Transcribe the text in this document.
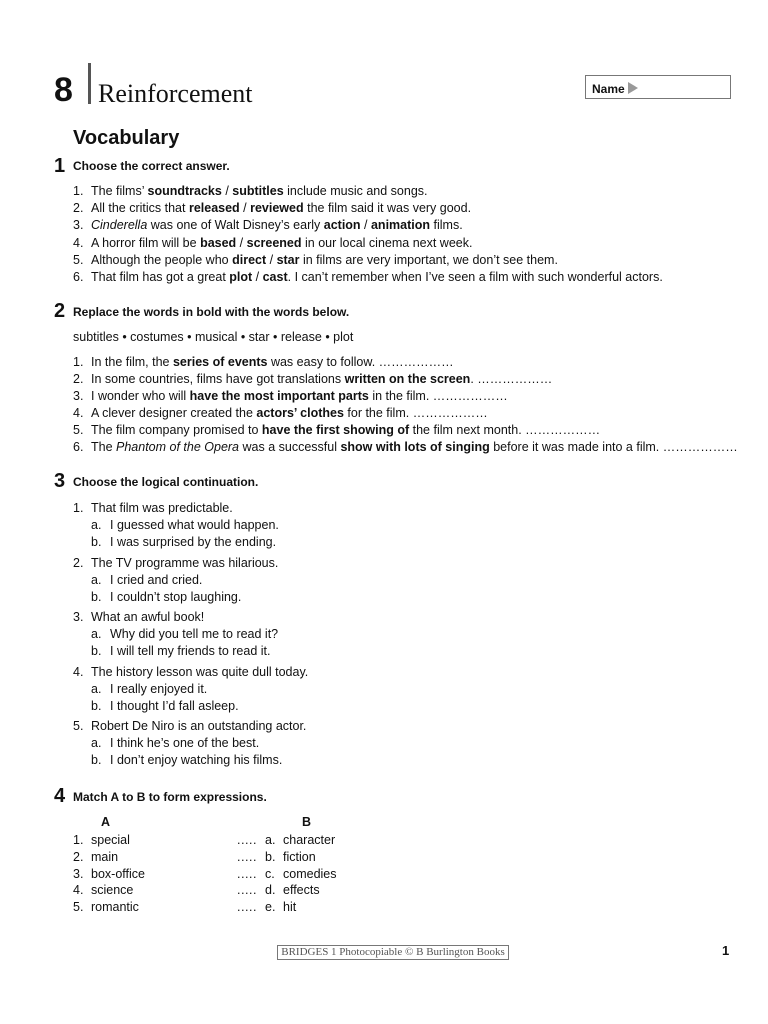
8 Reinforcement	Name
Vocabulary
1 Choose the correct answer.
1. The films’ soundtracks / subtitles include music and songs.
2. All the critics that released / reviewed the film said it was very good.
3. Cinderella was one of Walt Disney’s early action / animation films.
4. A horror film will be based / screened in our local cinema next week.
5. Although the people who direct / star in films are very important, we don’t see them.
6. That film has got a great plot / cast. I can’t remember when I’ve seen a film with such wonderful actors.
2 Replace the words in bold with the words below.
subtitles • costumes • musical • star • release • plot
1. In the film, the series of events was easy to follow. ………………
2. In some countries, films have got translations written on the screen. ………………
3. I wonder who will have the most important parts in the film. ………………
4. A clever designer created the actors’ clothes for the film. ………………
5. The film company promised to have the first showing of the film next month. ………………
6. The Phantom of the Opera was a successful show with lots of singing before it was made into a film. ………………
3 Choose the logical continuation.
1. That film was predictable.
a. I guessed what would happen.
b. I was surprised by the ending.
2. The TV programme was hilarious.
a. I cried and cried.
b. I couldn’t stop laughing.
3. What an awful book!
a. Why did you tell me to read it?
b. I will tell my friends to read it.
4. The history lesson was quite dull today.
a. I really enjoyed it.
b. I thought I’d fall asleep.
5. Robert De Niro is an outstanding actor.
a. I think he’s one of the best.
b. I don’t enjoy watching his films.
4 Match A to B to form expressions.
A	B
1. special	.…. a. character
2. main	.…. b. fiction
3. box-office	.…. c. comedies
4. science	.…. d. effects
5. romantic	.…. e. hit
BRIDGES 1 Photocopiable © B Burlington Books	1
